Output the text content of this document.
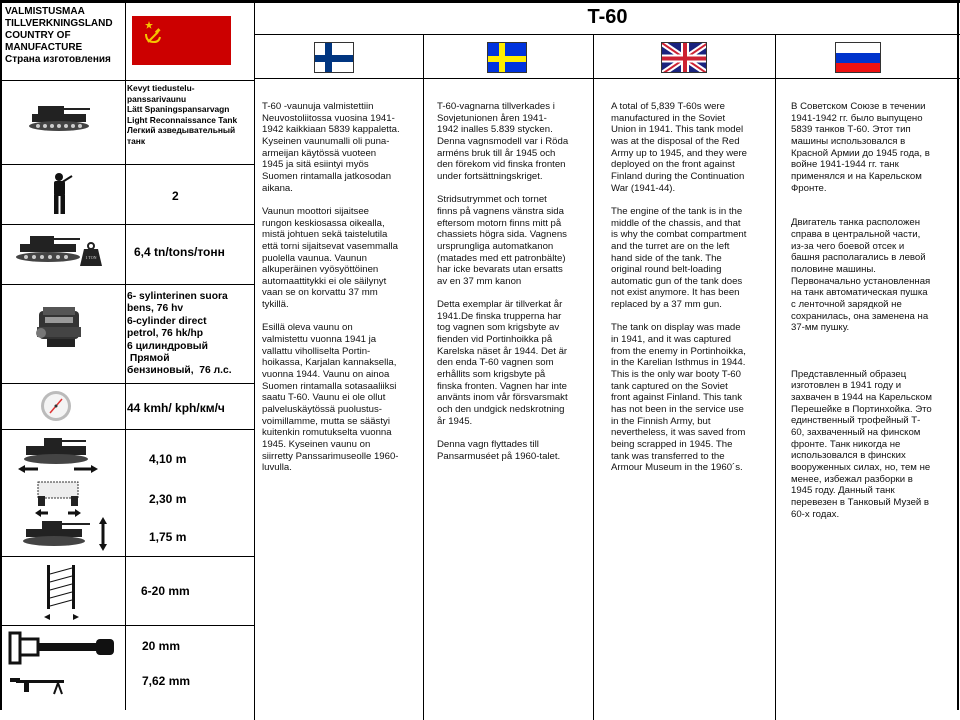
VALMISTUSMAA
TILLVERKNINGSLAND
COUNTRY OF
MANUFACTURE
Страна изготовления
T-60
Kevyt tiedustelu-
panssarivaunu
Lätt Spaningspansarvagn
Light Reconnaissance Tank
Легкий азведывательный
танк
2
1 TON	6,4 tn/tons/тонн
6- sylinterinen suora
bens, 76 hv
6-cylinder direct
petrol, 76 hk/hp
6 цилиндровый
Прямой
бензиновый,  76 л.с.
44 kmh/ kph/км/ч
4,10 m
2,30 m
1,75 m
6-20 mm
20 mm
7,62 mm

T-60 -vaunuja valmistettiin
Neuvostoliitossa vuosina 1941-
1942 kaikkiaan 5839 kappaletta.
Kyseinen vaunumalli oli puna-
armeijan käytössä vuoteen
1945 ja sitä esiintyi myös
Suomen rintamalla jatkosodan
aikana.

Vaunun moottori sijaitsee
rungon keskiosassa oikealla,
mistä johtuen sekä taistelutila
että torni sijaitsevat vasemmalla
puolella vaunua. Vaunun
alkuperäinen vyösyöttöinen
automaattitykki ei ole säilynyt
vaan se on korvattu 37 mm
tykillä.

Esillä oleva vaunu on
valmistettu vuonna 1941 ja
vallattu viholliselta Portin-
hoikassa, Karjalan kannaksella,
vuonna 1944. Vaunu on ainoa
Suomen rintamalla sotasaaliiksi
saatu T-60. Vaunu ei ole ollut
palveluskäytössä puolustus-
voimillamme, mutta se säästyi
kuitenkin romutukselta vuonna
1945. Kyseinen vaunu on
siirretty Panssarimuseolle 1960-
luvulla.

T-60-vagnarna tillverkades i
Sovjetunionen åren 1941-
1942 inalles 5.839 stycken.
Denna vagnsmodell var i Röda
arméns bruk till år 1945 och
den förekom vid finska fronten
under fortsättningskriget.

Stridsutrymmet och tornet
finns på vagnens vänstra sida
eftersom motorn finns mitt på
chassiets högra sida. Vagnens
ursprungliga automatkanon
(matades med ett patronbälte)
har icke bevarats utan ersatts
av en 37 mm kanon

Detta exemplar är tillverkat år
1941.De finska trupperna har
tog vagnen som krigsbyte av
fienden vid Portinhoikka på
Karelska näset år 1944. Det är
den enda T-60 vagnen som
erhållits som krigsbyte på
finska fronten. Vagnen har inte
använts inom vår försvarsmakt
och den undgick nedskrotning
år 1945.

Denna vagn flyttades till
Pansarmuséet på 1960-talet.

A total of 5,839 T-60s were
manufactured in the Soviet
Union in 1941. This tank model
was at the disposal of the Red
Army up to 1945, and they were
deployed on the front against
Finland during the Continuation
War (1941-44).

The engine of the tank is in the
middle of the chassis, and that
is why the combat compartment
and the turret are on the left
hand side of the tank. The
original round belt-loading
automatic gun of the tank does
not exist anymore. It has been
replaced by a 37 mm gun.

The tank on display was made
in 1941, and it was captured
from the enemy in Portinhoikka,
in the Karelian Isthmus in 1944.
This is the only war booty T-60
tank captured on the Soviet
front against Finland. This tank
has not been in the service use
in the Finnish Army, but
nevertheless, it was saved from
being scrapped in 1945. The
tank was transferred to the
Armour Museum in the 1960´s.

В Советском Союзе в течении
1941-1942 гг. было выпущено
5839 танков Т-60. Этот тип
машины использовался в
Красной Армии до 1945 года, в
войне 1941-1944 гг. танк
применялся и на Карельском
Фронте.

Двигатель танка расположен
справа в центральной части,
из-за чего боевой отсек и
башня располагались в левой
половине машины.
Первоначально установленная
на танк автоматическая пушка
с ленточной зарядкой не
сохранилась, она заменена на
37-мм пушку.

Представленный образец
изготовлен в 1941 году и
захвачен в 1944 на Карельском
Перешейке в Портинхойка. Это
единственный трофейный Т-
60, захваченный на финском
фронте. Танк никогда не
использовался в финских
вооруженных силах, но, тем не
менее, избежал разборки в
1945 году. Данный танк
перевезен в Танковый Музей в
60-х годах.
